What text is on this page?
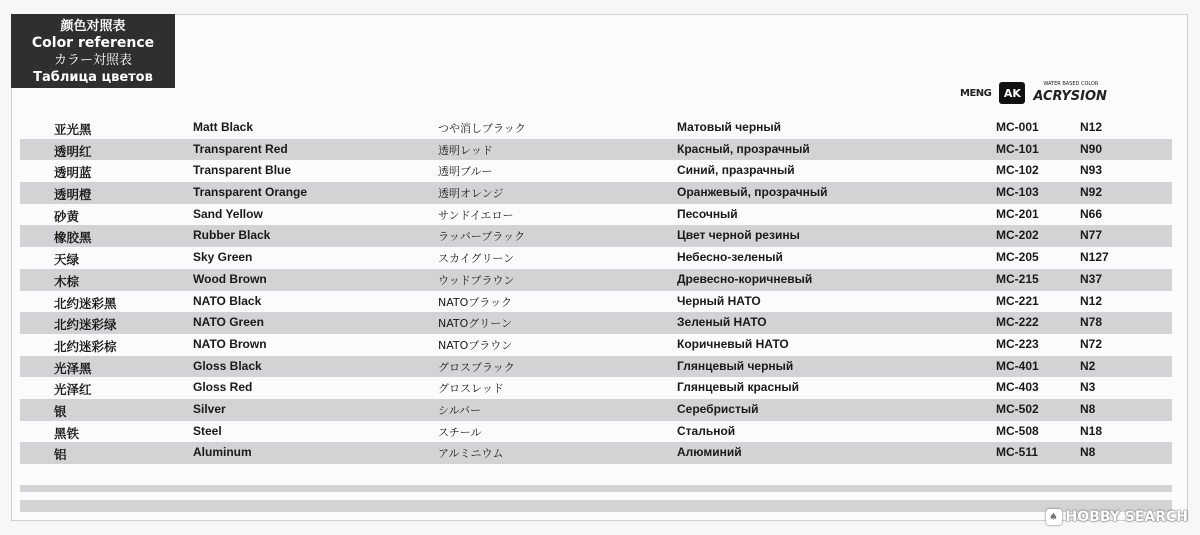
颜色对照表
Color reference
カラー対照表
Таблица цветов
MENG	AK
WATER BASED COLOR
ACRYSION
亚光黑	Matt Black	つや消しブラック	Матовый черный	MC-001	N12
透明红	Transparent Red	透明レッド	Красный, прозрачный	MC-101	N90
透明蓝	Transparent Blue	透明ブルー	Синий, празрачный	MC-102	N93
透明橙	Transparent Orange	透明オレンジ	Оранжевый, прозрачный	MC-103	N92
砂黄	Sand Yellow	サンドイエロー	Песочный	MC-201	N66
橡胶黑	Rubber Black	ラッバーブラック	Цвет черной резины	MC-202	N77
天绿	Sky Green	スカイグリーン	Небесно-зеленый	MC-205	N127
木棕	Wood Brown	ウッドブラウン	Древесно-коричневый	MC-215	N37
北约迷彩黑	NATO Black	NATOブラック	Черный НАТО	MC-221	N12
北约迷彩绿	NATO Green	NATOグリーン	Зеленый НАТО	MC-222	N78
北约迷彩棕	NATO Brown	NATOブラウン	Коричневый НАТО	MC-223	N72
光泽黑	Gloss Black	グロスブラック	Глянцевый черный	MC-401	N2
光泽红	Gloss Red	グロスレッド	Глянцевый красный	MC-403	N3
银	Silver	シルバー	Серебристый	MC-502	N8
黑铁	Steel	スチール	Стальной	MC-508	N18
铝	Aluminum	アルミニウム	Алюминий	MC-511	N8
♠ HOBBY SEARCH
